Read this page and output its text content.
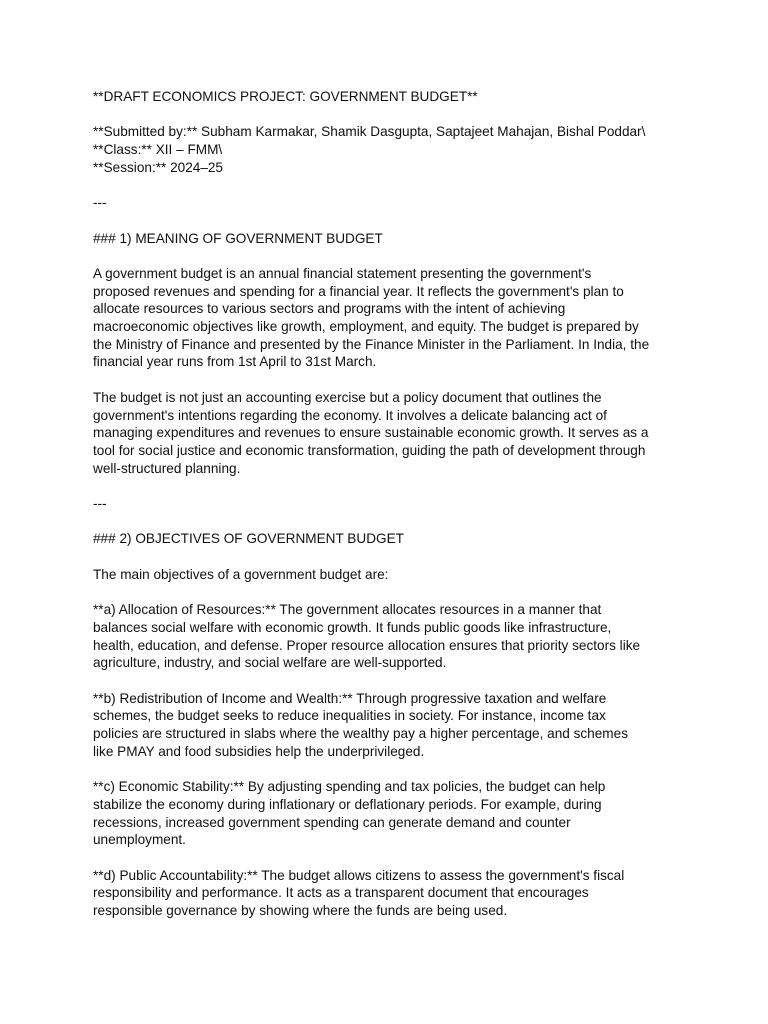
**DRAFT ECONOMICS PROJECT: GOVERNMENT BUDGET**
**Submitted by:** Subham Karmakar, Shamik Dasgupta, Saptajeet Mahajan, Bishal Poddar\
**Class:** XII – FMM\
**Session:** 2024–25
---
### 1) MEANING OF GOVERNMENT BUDGET

A government budget is an annual financial statement presenting the government's
proposed revenues and spending for a financial year. It reflects the government's plan to
allocate resources to various sectors and programs with the intent of achieving
macroeconomic objectives like growth, employment, and equity. The budget is prepared by
the Ministry of Finance and presented by the Finance Minister in the Parliament. In India, the
financial year runs from 1st April to 31st March.

The budget is not just an accounting exercise but a policy document that outlines the
government's intentions regarding the economy. It involves a delicate balancing act of
managing expenditures and revenues to ensure sustainable economic growth. It serves as a
tool for social justice and economic transformation, guiding the path of development through
well-structured planning.

---
### 2) OBJECTIVES OF GOVERNMENT BUDGET
The main objectives of a government budget are:

**a) Allocation of Resources:** The government allocates resources in a manner that
balances social welfare with economic growth. It funds public goods like infrastructure,
health, education, and defense. Proper resource allocation ensures that priority sectors like
agriculture, industry, and social welfare are well-supported.

**b) Redistribution of Income and Wealth:** Through progressive taxation and welfare
schemes, the budget seeks to reduce inequalities in society. For instance, income tax
policies are structured in slabs where the wealthy pay a higher percentage, and schemes
like PMAY and food subsidies help the underprivileged.

**c) Economic Stability:** By adjusting spending and tax policies, the budget can help
stabilize the economy during inflationary or deflationary periods. For example, during
recessions, increased government spending can generate demand and counter
unemployment.

**d) Public Accountability:** The budget allows citizens to assess the government's fiscal
responsibility and performance. It acts as a transparent document that encourages
responsible governance by showing where the funds are being used.
